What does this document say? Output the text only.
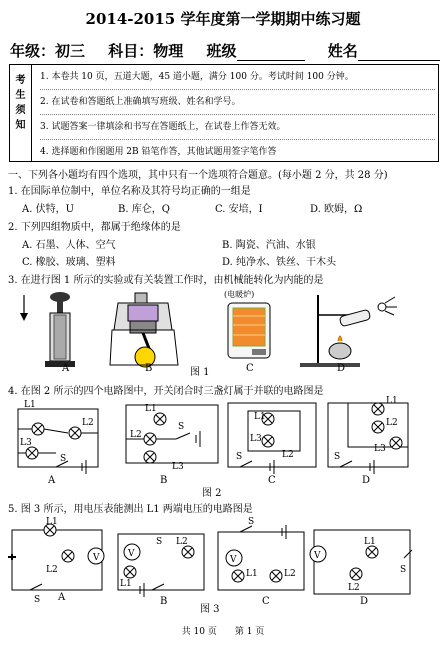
2014-2015 学年度第一学期期中练习题
年级：初三 科目：物理 班级	姓名
考
生
须
知
1. 本卷共 10 页，五道大题，45 道小题，满分 100 分。考试时间 100 分钟。
2. 在试卷和答题纸上准确填写班级、姓名和学号。
3. 试题答案一律填涂和书写在答题纸上，在试卷上作答无效。
4. 选择题和作图题用 2B 铅笔作答，其他试题用签字笔作答
一、下列各小题均有四个选项，其中只有一个选项符合题意。(每小题 2 分，共 28 分)
1. 在国际单位制中，单位名称及其符号均正确的一组是
A. 伏特，U	B. 库仑，Q	C. 安培，I	D. 欧姆，Ω
2. 下列四组物质中，都属于绝缘体的是
A. 石墨、人体、空气	B. 陶瓷、汽油、水银
C. 橡胶、玻璃、塑料	D. 纯净水、铁丝、干木头
3. 在进行图 1 所示的实验或有关装置工作时，由机械能转化为内能的是
A	B	C	D
(电暖炉)
图 1
4. 在图 2 所示的四个电路图中，开关闭合时三盏灯属于并联的电路图是
L1
L2
L3
S
L1
L2
L3
S
L1
L2
L3
S
L1
L2
L3
S
A	B	C	D
图 2
5. 图 3 所示，用电压表能测出 L1 两端电压的电路图是
L1
L2
V
S
V
L2
L1
S
V
L1	L2
S
V
L1
L2
S
A	B	C	D
图 3
共 10 页　　第 1 页
